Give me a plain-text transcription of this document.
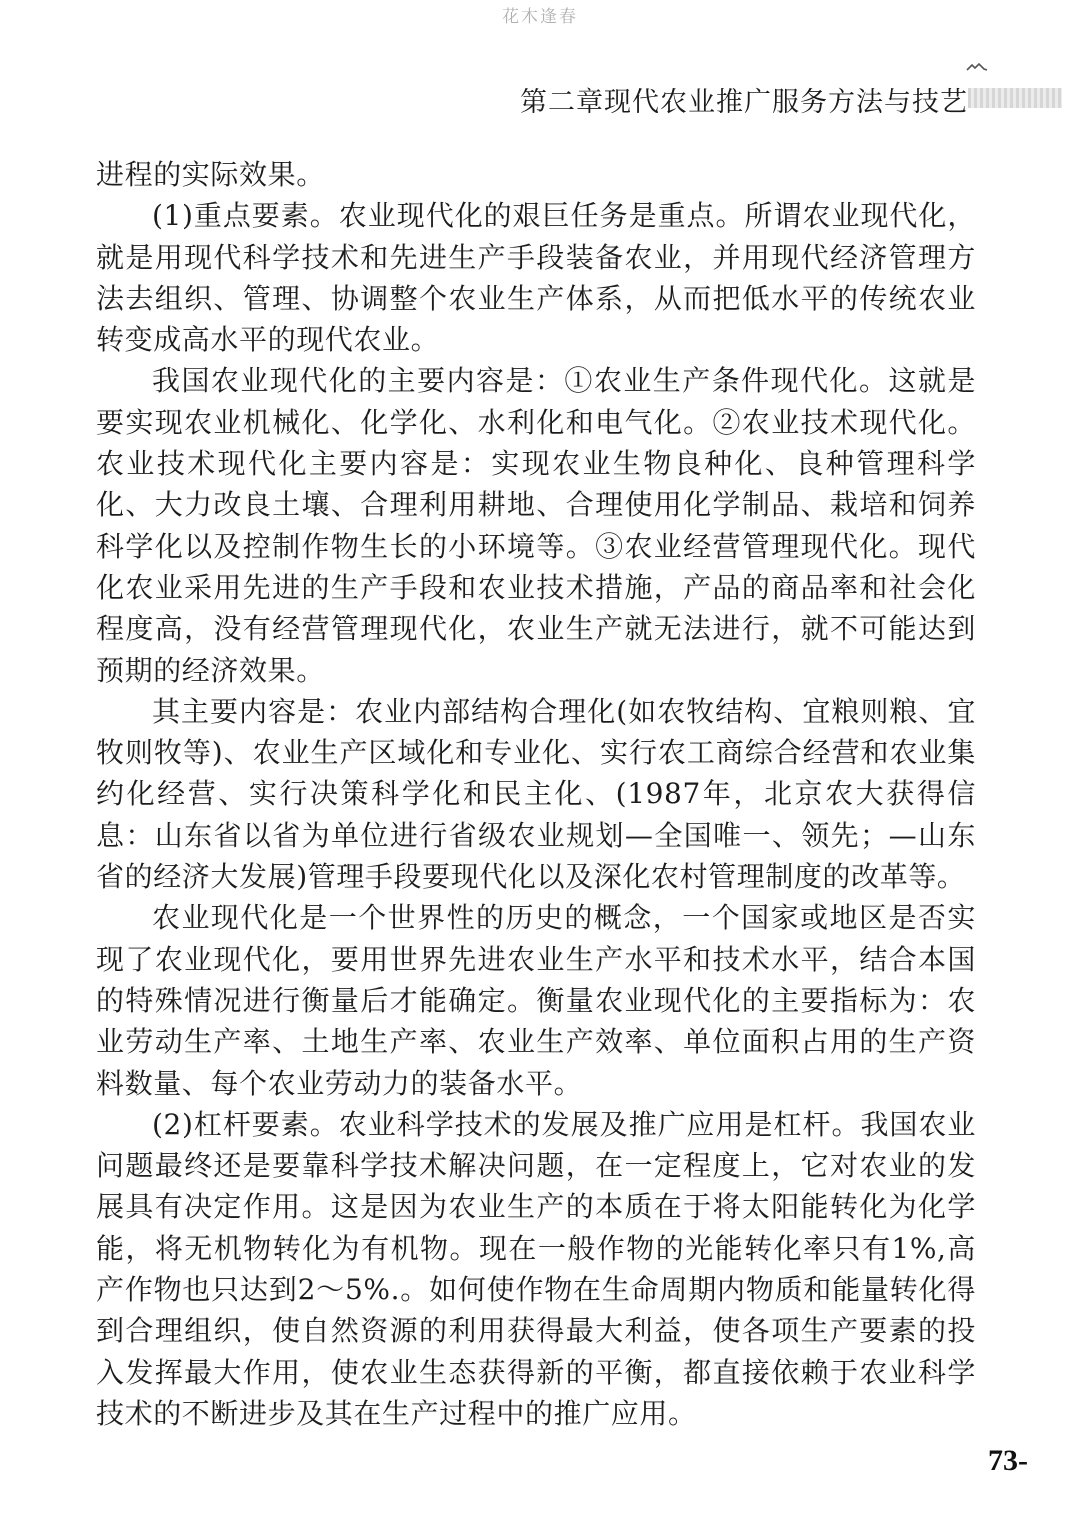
花木逢春
第二章现代农业推广服务方法与技艺

进程的实际效果。

(1)重点要素。农业现代化的艰巨任务是重点。所谓农业现代化，就是用现代科学技术和先进生产手段装备农业，并用现代经济管理方法去组织、管理、协调整个农业生产体系，从而把低水平的传统农业转变成高水平的现代农业。

我国农业现代化的主要内容是：①农业生产条件现代化。这就是要实现农业机械化、化学化、水利化和电气化。②农业技术现代化。农业技术现代化主要内容是：实现农业生物良种化、良种管理科学化、大力改良土壤、合理利用耕地、合理使用化学制品、栽培和饲养科学化以及控制作物生长的小环境等。③农业经营管理现代化。现代化农业采用先进的生产手段和农业技术措施，产品的商品率和社会化程度高，没有经营管理现代化，农业生产就无法进行，就不可能达到预期的经济效果。

其主要内容是：农业内部结构合理化(如农牧结构、宜粮则粮、宜牧则牧等)、农业生产区域化和专业化、实行农工商综合经营和农业集约化经营、实行决策科学化和民主化、(1987年，北京农大获得信息：山东省以省为单位进行省级农业规划—全国唯一、领先；—山东省的经济大发展)管理手段要现代化以及深化农村管理制度的改革等。

农业现代化是一个世界性的历史的概念，一个国家或地区是否实现了农业现代化，要用世界先进农业生产水平和技术水平，结合本国的特殊情况进行衡量后才能确定。衡量农业现代化的主要指标为：农业劳动生产率、土地生产率、农业生产效率、单位面积占用的生产资料数量、每个农业劳动力的装备水平。

(2)杠杆要素。农业科学技术的发展及推广应用是杠杆。我国农业问题最终还是要靠科学技术解决问题，在一定程度上，它对农业的发展具有决定作用。这是因为农业生产的本质在于将太阳能转化为化学能，将无机物转化为有机物。现在一般作物的光能转化率只有1%,高产作物也只达到2～5%.。如何使作物在生命周期内物质和能量转化得到合理组织，使自然资源的利用获得最大利益，使各项生产要素的投入发挥最大作用，使农业生态获得新的平衡，都直接依赖于农业科学技术的不断进步及其在生产过程中的推广应用。

73-
